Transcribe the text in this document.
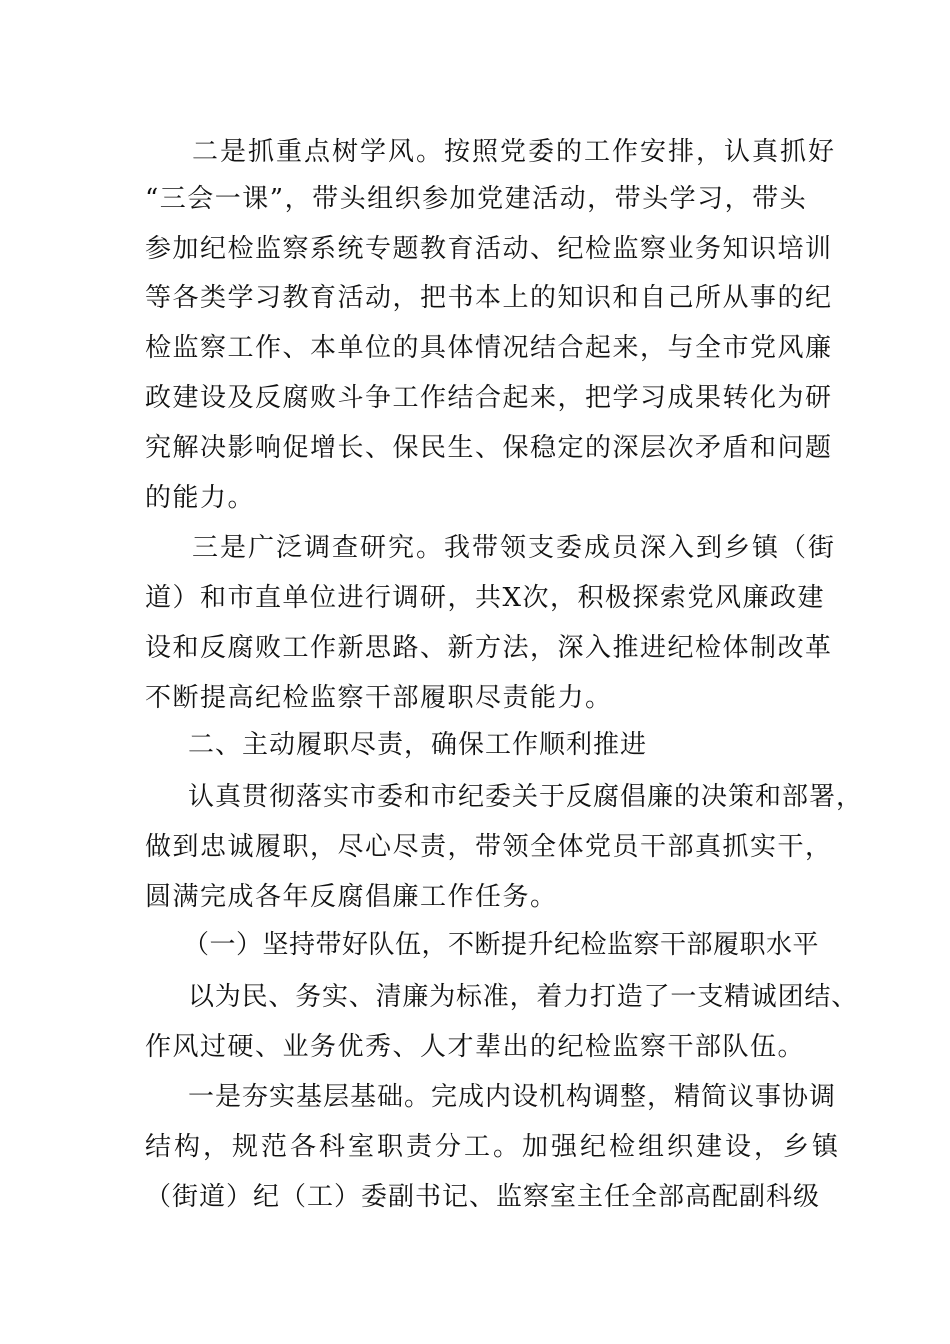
二是抓重点树学风。按照党委的工作安排，认真抓好

“三会一课”，带头组织参加党建活动，带头学习，带头

参加纪检监察系统专题教育活动、纪检监察业务知识培训

等各类学习教育活动，把书本上的知识和自己所从事的纪

检监察工作、本单位的具体情况结合起来，与全市党风廉

政建设及反腐败斗争工作结合起来，把学习成果转化为研

究解决影响促增长、保民生、保稳定的深层次矛盾和问题

的能力。

三是广泛调查研究。我带领支委成员深入到乡镇（街

道）和市直单位进行调研，共X次，积极探索党风廉政建

设和反腐败工作新思路、新方法，深入推进纪检体制改革

不断提高纪检监察干部履职尽责能力。

二、主动履职尽责，确保工作顺利推进

认真贯彻落实市委和市纪委关于反腐倡廉的决策和部署，

做到忠诚履职，尽心尽责，带领全体党员干部真抓实干，

圆满完成各年反腐倡廉工作任务。

（一）坚持带好队伍，不断提升纪检监察干部履职水平

以为民、务实、清廉为标准，着力打造了一支精诚团结、

作风过硬、业务优秀、人才辈出的纪检监察干部队伍。

一是夯实基层基础。完成内设机构调整，精简议事协调

结构，规范各科室职责分工。加强纪检组织建设，乡镇

（街道）纪（工）委副书记、监察室主任全部高配副科级
